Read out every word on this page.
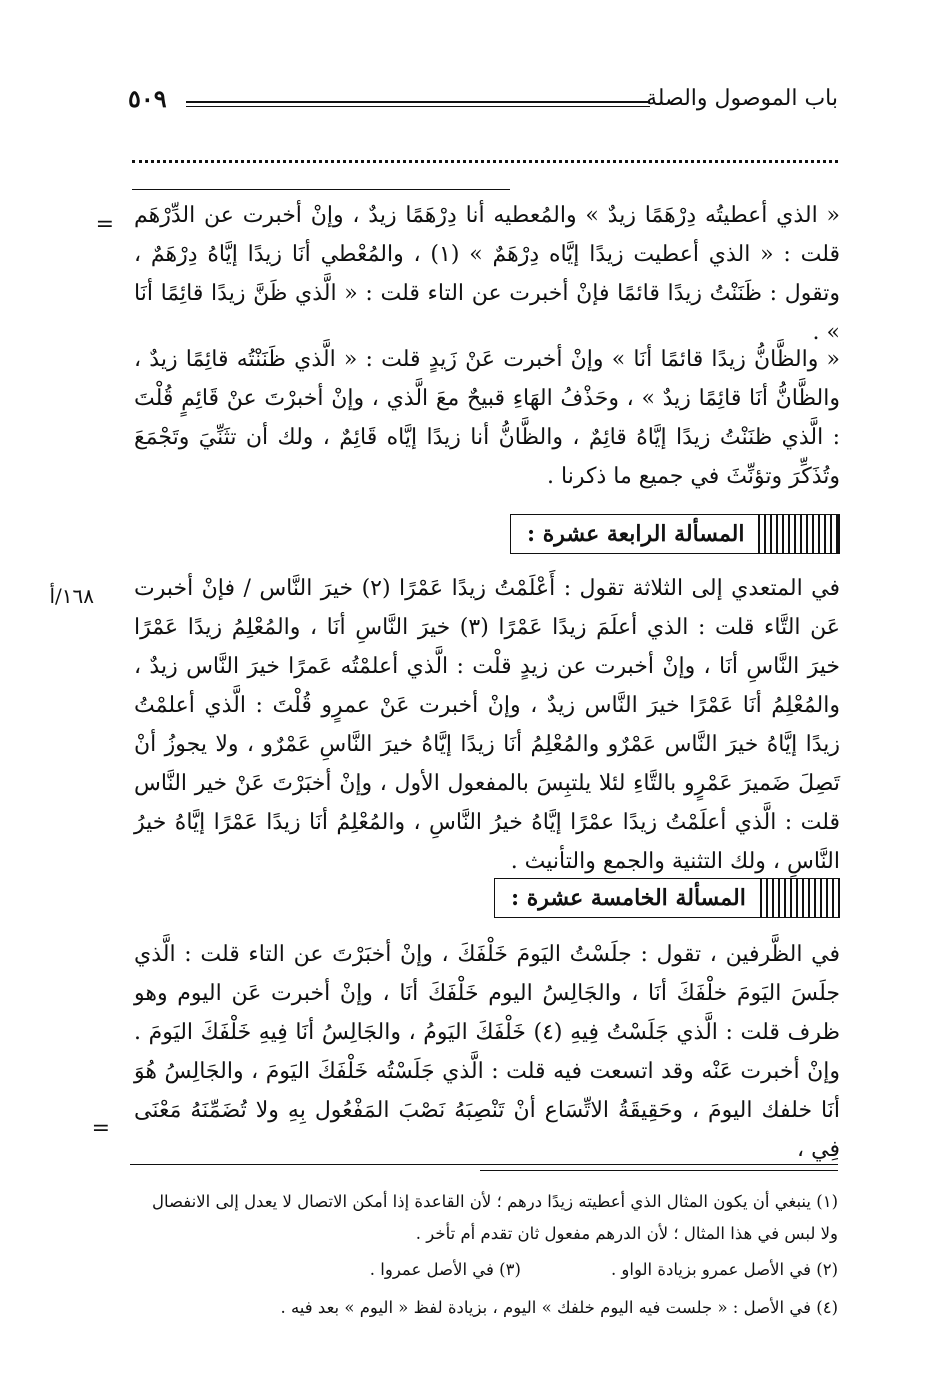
باب الموصول والصلة
٥٠٩
= « الذي أعطيتُه دِرْهَمًا زيدٌ » والمُعطيه أنا دِرْهَمًا زيدٌ ، وإنْ أخبرت عن الدِّرْهَم قلت : « الذي أعطيت زيدًا إيَّاه دِرْهَمٌ » (١) ، والمُعْطي أنَا زيدًا إيَّاهُ دِرْهَمٌ ، وتقول : ظَنَنْتُ زيدًا قائمًا فإنْ أخبرت عن التاء قلت : « الَّذي ظَنَّ زيدًا قائِمًا أنَا » .

« والظَّانُّ زيدًا قائمًا أنَا » وإنْ أخبرت عَنْ زَيدٍ قلت : « الَّذي ظَنَنْتُه قائِمًا زيدٌ ، والظَّانُّ أنَا قائِمًا زيدٌ » ، وحَذْفُ الهَاءِ قبيحٌ معَ الَّذي ، وإنْ أخبرْتَ عنْ قَائِمٍ قُلْتَ : الَّذي ظنَنْتُ زيدًا إيَّاهُ قائِمٌ ، والظَّانُّ أنا زيدًا إيَّاه قَائِمٌ ، ولك أن تثَنِّيَ وتَجْمَعَ وتُذَكِّرَ وتؤنِّثَ في جميع ما ذكرنا .

المسألة الرابعة عشرة :
١٦٨/أ في المتعدي إلى الثلاثة تقول : أَعْلَمْتُ زيدًا عَمْرًا (٢) خيرَ النَّاس / فإنْ أخبرت عَن التَّاء قلت : الذي أعلَمَ زيدًا عَمْرًا (٣) خيرَ النَّاسِ أنَا ، والمُعْلِمُ زيدًا عَمْرًا خيرَ النَّاسِ أنَا ، وإنْ أخبرت عن زيدٍ قلْت : الَّذي أعلمْتُه عَمرًا خيرَ النَّاس زيدٌ ، والمُعْلِمُ أنَا عَمْرًا خيرَ النَّاس زيدٌ ، وإنْ أخبرت عَنْ عمرٍو قُلْتَ : الَّذي أعلمْتُ زيدًا إيَّاهُ خيرَ النَّاس عَمْرٌو والمُعْلِمُ أنَا زيدًا إيَّاهُ خيرَ النَّاسِ عَمْرٌو ، ولا يجوزُ أنْ تَصِلَ ضَميرَ عَمْرٍو بالتَّاءِ لئلا يلتبِسَ بالمفعول الأول ، وإنْ أخبَرْتَ عَنْ خير النَّاس قلت : الَّذي أعلَمْتُ زيدًا عمْرًا إيَّاهُ خيرُ النَّاسِ ، والمُعْلِمُ أنَا زيدًا عَمْرًا إيَّاهُ خيرُ النَّاسِ ، ولك التثنية والجمع والتأنيث .

المسألة الخامسة عشرة :

في الظَّرفين ، تقول : جلَسْتُ اليَومَ خَلْفَكَ ، وإنْ أخبَرْتَ عن التاء قلت : الَّذي جلَسَ اليَومَ خلْفَكَ أنَا ، والجَالِسُ اليوم خَلْفَكَ أنَا ، وإنْ أخبرت عَن اليوم وهو ظرف قلت : الَّذي جَلَسْتُ فِيهِ (٤) خَلْفَكَ اليَومُ ، والجَالِسُ أنَا فِيهِ خَلْفَكَ اليَومَ . وإنْ أخبرت عَنْه وقد اتسعت فيه قلت : الَّذي جَلَسْتُه خَلْفَكَ اليَومَ ، والجَالِسُ هُوَ أنَا خلفك اليومَ ، وحَقِيقَةُ الاتِّسَاع أنْ تَنْصِبَهُ نَصْبَ المَفْعُول بِهِ ولا تُضَمِّنَهُ مَعْنَى فِي ،

=
(١) ينبغي أن يكون المثال الذي أعطيته زيدًا درهم ؛ لأن القاعدة إذا أمكن الاتصال لا يعدل إلى الانفصال
ولا لبس في هذا المثال ؛ لأن الدرهم مفعول ثان تقدم أم تأخر .
(٢) في الأصل عمرو بزيادة الواو .
(٣) في الأصل عمروا .
(٤) في الأصل : « جلست فيه اليوم خلفك » اليوم ، بزيادة لفظ « اليوم » بعد فيه .
